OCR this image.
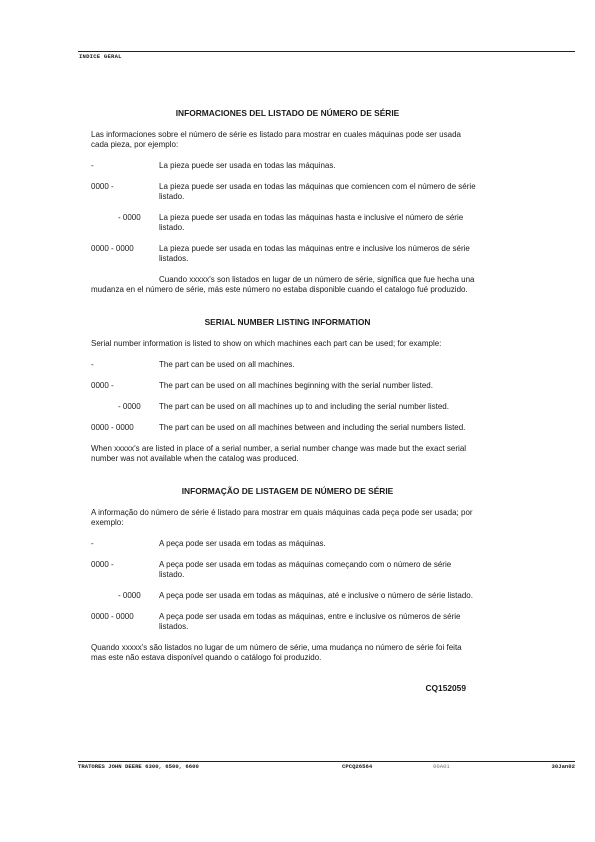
INDICE GERAL
INFORMACIONES DEL LISTADO DE NÚMERO DE SÉRIE

Las informaciones sobre el número de série es listado para mostrar en cuales máquinas pode ser usada cada pieza, por ejemplo:

-	La pieza puede ser usada en todas las máquinas.
0000 -	La pieza puede ser usada en todas las máquinas que comiencen com el número de série listado.
- 0000	La pieza puede ser usada en todas las máquinas hasta e inclusive el número de série listado.
0000 - 0000	La pieza puede ser usada en todas las máquinas entre e inclusive los números de série listados.

Cuando xxxxx's son listados en lugar de un número de série, significa que fue hecha una mudanza en el número de série, más este número no estaba disponible cuando el catalogo fué produzido.

SERIAL NUMBER LISTING INFORMATION

Serial number information is listed to show on which machines each part can be used; for example:

-	The part can be used on all machines.
0000 -	The part can be used on all machines beginning with the serial number listed.
- 0000	The part can be used on all machines up to and including the serial number listed.
0000 - 0000	The part can be used on all machines between and including the serial numbers listed.

When xxxxx's are listed in place of a serial number, a serial number change was made but the exact serial number was not available when the catalog was produced.

INFORMAÇÃO DE LISTAGEM DE NÚMERO DE SÉRIE

A informação do número de série é listado para mostrar em quais máquinas cada peça pode ser usada; por exemplo:

-	A peça pode ser usada em todas as máquinas.
0000 -	A peça pode ser usada em todas as máquinas começando com o número de série listado.
- 0000	A peça pode ser usada em todas as máquinas, até e inclusive o número de série listado.
0000 - 0000	A peça pode ser usada em todas as máquinas, entre e inclusive os números de série listados.

Quando xxxxx's são listados no lugar de um número de série, uma mudança no número de série foi feita mas este não estava disponível quando o catálogo foi produzido.

CQ152059
TRATORES JOHN DEERE 6300, 6500, 6600	CPCQ26564	00A01	30Jan02
